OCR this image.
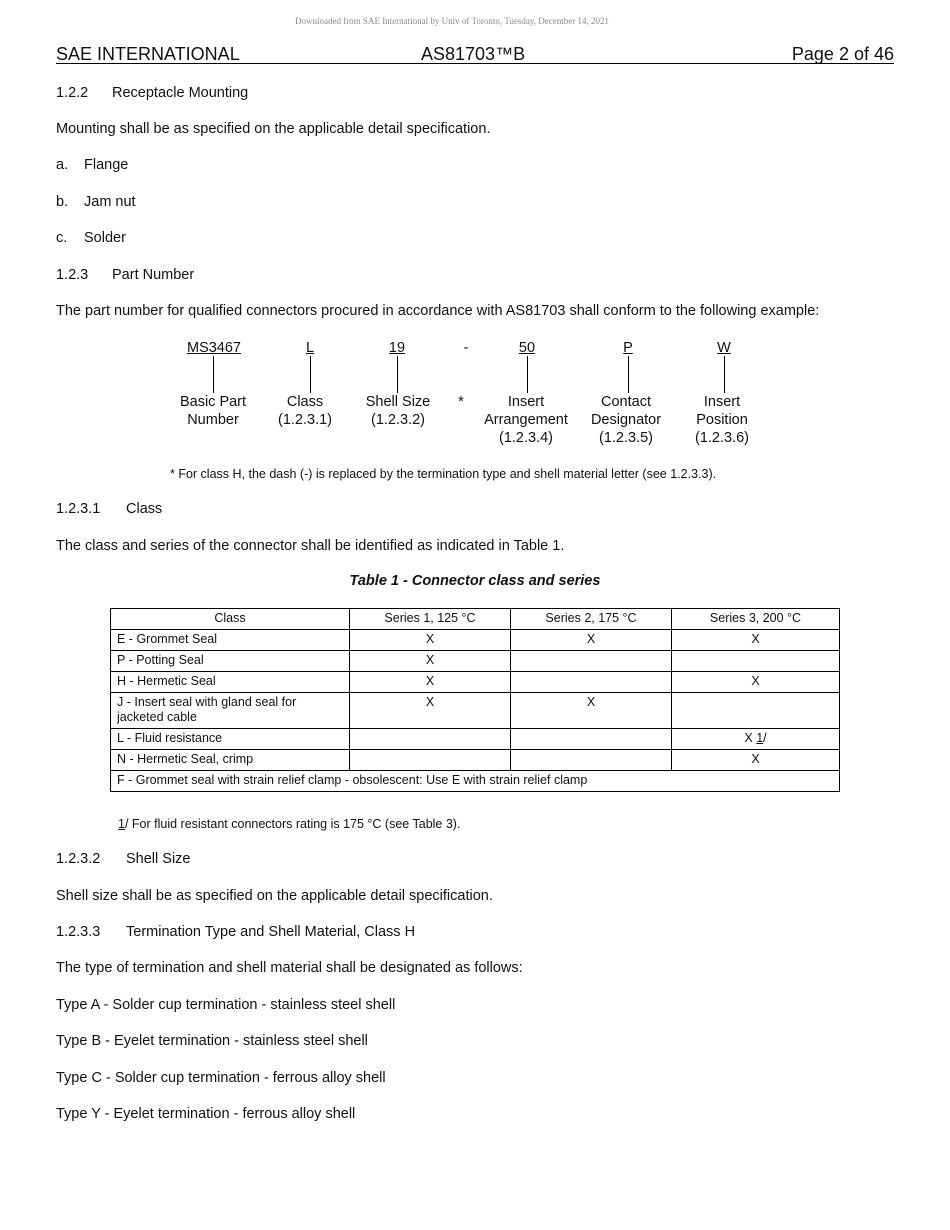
Downloaded from SAE International by Univ of Toronto, Tuesday, December 14, 2021
SAE INTERNATIONAL	AS81703™B	Page 2 of 46
1.2.2 Receptacle Mounting
Mounting shall be as specified on the applicable detail specification.
a. Flange
b. Jam nut
c. Solder
1.2.3 Part Number
The part number for qualified connectors procured in accordance with AS81703 shall conform to the following example:
MS3467	L	19	-	50	P	W
Basic Part
Number
Class
(1.2.3.1)
Shell Size
(1.2.3.2)
*	Insert
Arrangement
(1.2.3.4)
Contact
Designator
(1.2.3.5)
Insert
Position
(1.2.3.6)
* For class H, the dash (-) is replaced by the termination type and shell material letter (see 1.2.3.3).
1.2.3.1 Class
The class and series of the connector shall be identified as indicated in Table 1.
Table 1 - Connector class and series
Class	Series 1, 125 °C	Series 2, 175 °C	Series 3, 200 °C
E - Grommet Seal	X	X	X
P - Potting Seal	X		
H - Hermetic Seal	X		X
J - Insert seal with gland seal for jacketed cable	X	X	
L - Fluid resistance			X 1/
N - Hermetic Seal, crimp			X
F - Grommet seal with strain relief clamp - obsolescent: Use E with strain relief clamp			
1/ For fluid resistant connectors rating is 175 °C (see Table 3).
1.2.3.2 Shell Size
Shell size shall be as specified on the applicable detail specification.
1.2.3.3 Termination Type and Shell Material, Class H
The type of termination and shell material shall be designated as follows:
Type A - Solder cup termination - stainless steel shell
Type B - Eyelet termination - stainless steel shell
Type C - Solder cup termination - ferrous alloy shell
Type Y - Eyelet termination - ferrous alloy shell
